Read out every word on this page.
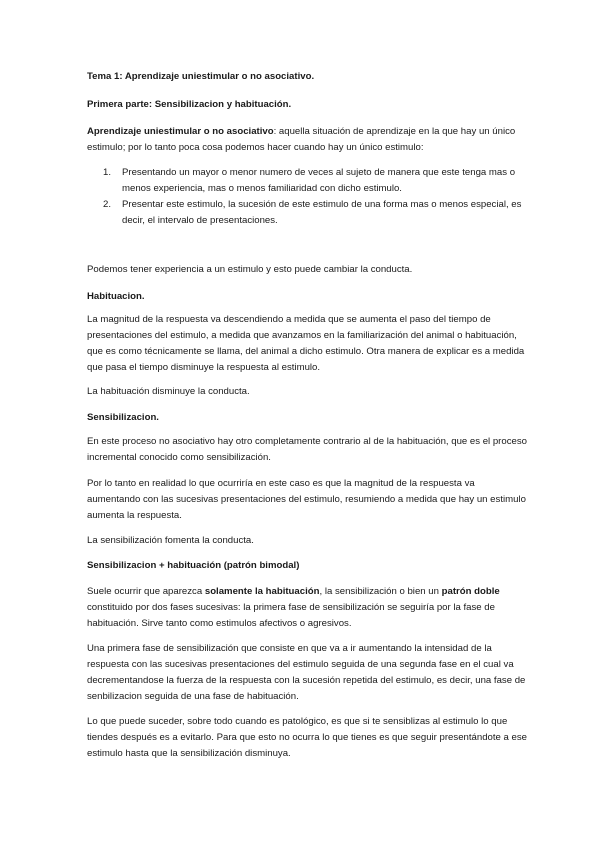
Tema 1: Aprendizaje uniestimular o no asociativo.

Primera parte: Sensibilizacion y habituación.

Aprendizaje uniestimular o no asociativo: aquella situación de aprendizaje en la que hay un único estimulo; por lo tanto poca cosa podemos hacer cuando hay un único estimulo:

1.	Presentando un mayor o menor numero de veces al sujeto de manera que este tenga mas o menos experiencia, mas o menos familiaridad con dicho estimulo.
2.	Presentar este estimulo, la sucesión de este estimulo de una forma mas o menos especial, es decir, el intervalo de presentaciones.

Podemos tener experiencia a un estimulo y esto puede cambiar la conducta.

Habituacion.

La magnitud de la respuesta va descendiendo a medida que se aumenta el paso del tiempo de presentaciones del estimulo, a medida que avanzamos en la familiarización del animal o habituación, que es como técnicamente se llama, del animal a dicho estimulo. Otra manera de explicar es a medida que pasa el tiempo disminuye la respuesta al estimulo.

La habituación disminuye la conducta.

Sensibilizacion.

En este proceso no asociativo hay otro completamente contrario al de la habituación, que es el proceso incremental conocido como sensibilización.

Por lo tanto en realidad lo que ocurriría en este caso es que la magnitud de la respuesta va aumentando con las sucesivas presentaciones del estimulo, resumiendo a medida que hay un estimulo aumenta la respuesta.

La sensibilización fomenta la conducta.

Sensibilizacion + habituación (patrón bimodal)

Suele ocurrir que aparezca solamente la habituación, la sensibilización o bien un patrón doble constituido por dos fases sucesivas: la primera fase de sensibilización se seguiría por la fase de habituación. Sirve tanto como estimulos afectivos o agresivos.

Una primera fase de sensibilización que consiste en que va a ir aumentando la intensidad de la respuesta con las sucesivas presentaciones del estimulo seguida de una segunda fase en el cual va decrementandose la fuerza de la respuesta con la sucesión repetida del estimulo, es decir, una fase de senbilizacion seguida de una fase de habituación.

Lo que puede suceder, sobre todo cuando es patológico, es que si te sensiblizas al estimulo lo que tiendes después es a evitarlo. Para que esto no ocurra lo que tienes es que seguir presentándote a ese estimulo hasta que la sensibilización disminuya.
